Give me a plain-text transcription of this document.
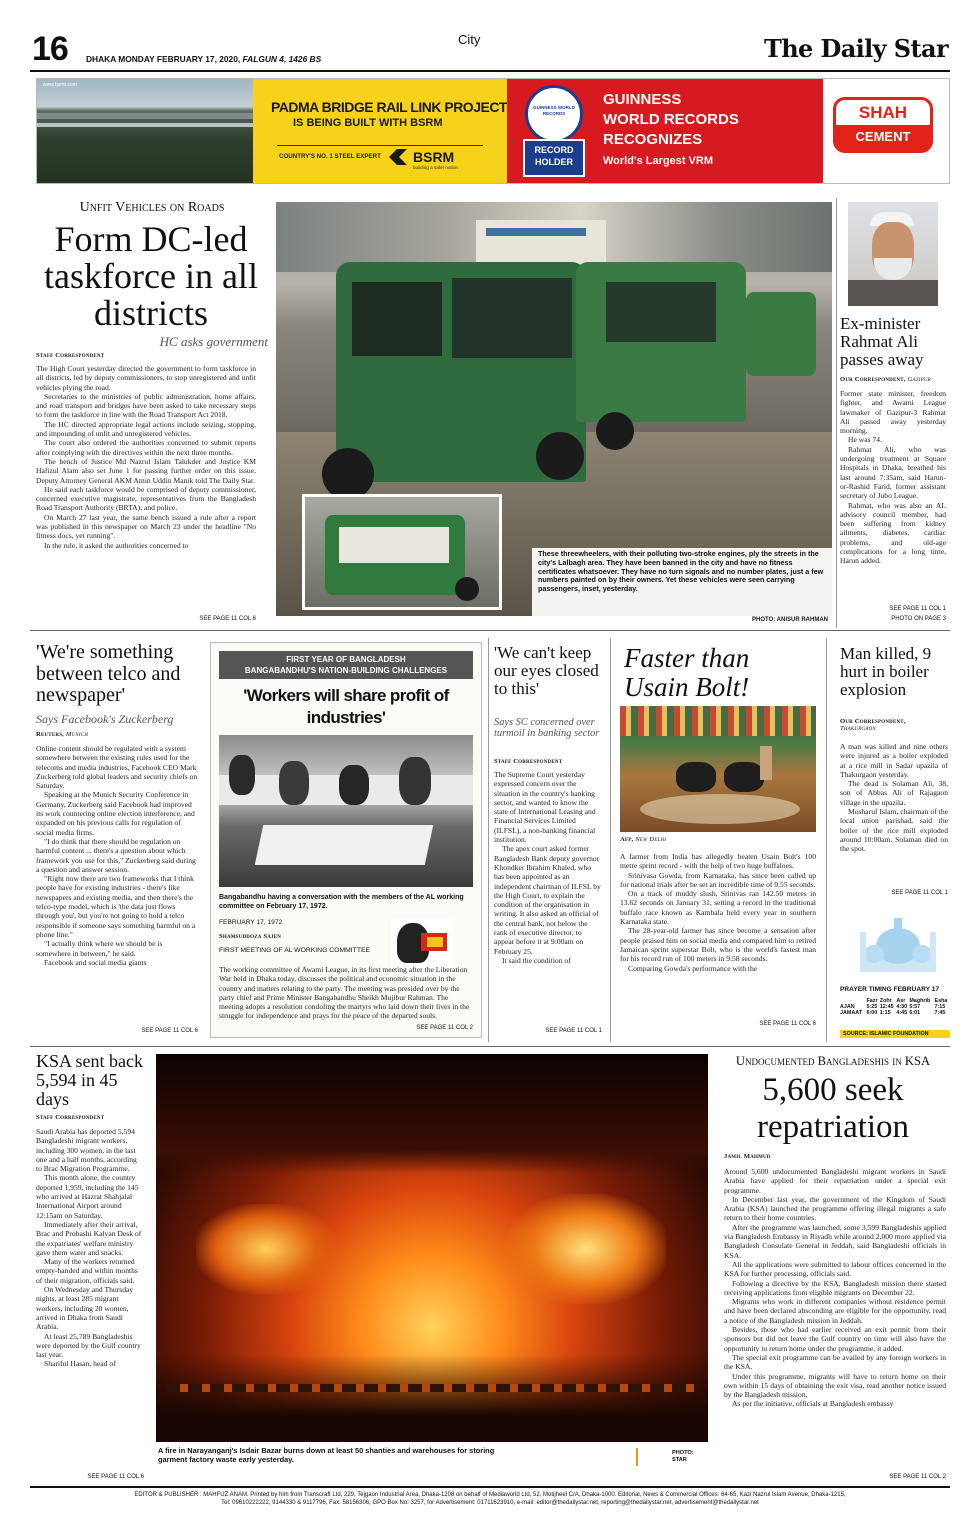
16 DHAKA MONDAY FEBRUARY 17, 2020, FALGUN 4, 1426 BS
City	The Daily Star
www.bsrm.com
PADMA BRIDGE RAIL LINK PROJECT
IS BEING BUILT WITH BSRM
COUNTRY'S NO. 1 STEEL EXPERT BSRM
building a safer nation
GUINNESS WORLD RECORDS
RECORD
HOLDER
GUINNESS
WORLD RECORDS
RECOGNIZES
World's Largest VRM
SHAH
CEMENT
Unfit Vehicles on Roads
Form DC-led taskforce in all districts
HC asks government
Staff Correspondent

The High Court yesterday directed the government to form taskforce in all districts, led by deputy commissioners, to stop unregistered and unfit vehicles plying the road.

Secretaries to the ministries of public administration, home affairs, and road transport and bridges have been asked to take necessary steps to form the taskforce in line with the Road Transport Act 2018.

The HC directed appropriate legal actions include seizing, stopping, and impounding of unfit and unregistered vehicles.

The court also ordered the authorities concerned to submit reports after complying with the directives within the next three months.

The bench of Justice Md Nazrul Islam Talukder and Justice KM Hafizul Alam also set June 1 for passing further order on this issue, Deputy Attorney General AKM Amin Uddin Manik told The Daily Star.

He said each taskforce would be comprised of deputy commissioner, concerned executive magistrate, representatives from the Bangladesh Road Transport Authority (BRTA), and police.

On March 27 last year, the same bench issued a rule after a report was published in this newspaper on March 23 under the headline "No fitness docs, yet running".

In the rule, it asked the authorities concerned to

SEE PAGE 11 COL 6
These threewheelers, with their polluting two-stroke engines, ply the streets in the city's Lalbagh area. They have been banned in the city and have no fitness certificates whatsoever. They have no turn signals and no number plates, just a few numbers painted on by their owners. Yet these vehicles were seen carrying passengers, inset, yesterday.
PHOTO: ANISUR RAHMAN
Ex-minister Rahmat Ali passes away
Our Correspondent, Gazipur

Former state minister, freedom fighter, and Awami League lawmaker of Gazipur-3 Rahmat Ali passed away yesterday morning.

He was 74.

Rahmat Ali, who was undergoing treatment at Square Hospitals in Dhaka, breathed his last around 7:35am, said Harun-or-Rashid Farid, former assistant secretary of Jubo League.

Rahmat, who was also an AL advisory council member, had been suffering from kidney ailments, diabetes, cardiac problems, and old-age complications for a long time, Harun added.

SEE PAGE 11 COL 1
PHOTO ON PAGE 3
'We're something between telco and newspaper'
Says Facebook's Zuckerberg
Reuters, Munich

Online content should be regulated with a system somewhere between the existing rules used for the telecoms and media industries, Facebook CEO Mark Zuckerberg told global leaders and security chiefs on Saturday.

Speaking at the Munich Security Conference in Germany, Zuckerberg said Facebook had improved its work countering online election interference, and expanded on his previous calls for regulation of social media firms.

"I do think that there should be regulation on harmful content ... there's a question about which framework you use for this," Zuckerberg said during a question and answer session.

"Right now there are two frameworks that I think people have for existing industries - there's like newspapers and existing media, and then there's the telco-type model, which is 'the data just flows through you', but you're not going to hold a telco responsible if someone says something harmful on a phone line."

"I actually think where we should be is somewhere in between," he said.

Facebook and social media giants

SEE PAGE 11 COL 6
FIRST YEAR OF BANGLADESH
BANGABANDHU'S NATION-BUILDING CHALLENGES
'Workers will share profit of industries'
Bangabandhu having a conversation with the members of the AL working committee on February 17, 1972.
FEBRUARY 17, 1972
Shamsuddoza Sajen
FIRST MEETING OF AL WORKING COMMITTEE

The working committee of Awami League, in its first meeting after the Liberation War held in Dhaka today, discusses the political and economic situation in the country and matters relating to the party. The meeting was presided over by the party chief and Prime Minister Bangabandhu Sheikh Mujibur Rahman. The meeting adopts a resolution condoling the martyrs who laid down their lives in the struggle for independence and prays for the peace of the departed souls.

SEE PAGE 11 COL 2
'We can't keep our eyes closed to this'
Says SC concerned over turmoil in banking sector
Staff Correspondent

The Supreme Court yesterday expressed concern over the situation in the country's banking sector, and wanted to know the state of International Leasing and Financial Services Limited (ILFSL), a non-banking financial institution.

The apex court asked former Bangladesh Bank deputy governor Khondker Ibrahim Khaled, who has been appointed as an independent chairman of ILFSL by the High Court, to explain the condition of the organisation in writing. It also asked an official of the central bank, not below the rank of executive director, to appear before it at 9:00am on February 25.

It said the condition of

SEE PAGE 11 COL 1
Faster than Usain Bolt!
Afp, New Delhi

A farmer from India has allegedly beaten Usain Bolt's 100 metre sprint record - with the help of two huge buffaloes.

Srinivasa Gowda, from Karnataka, has since been called up for national trials after he set an incredible time of 9.55 seconds.

On a track of muddy slush, Srinivas ran 142.50 metres in 13.62 seconds on January 31, setting a record in the traditional buffalo race known as Kambala held every year in southern Karnataka state.

The 28-year-old farmer has since become a sensation after people praised him on social media and compared him to retired Jamaican sprint superstar Bolt, who is the world's fastest man for his record run of 100 meters in 9.58 seconds.

Comparing Gowda's performance with the

SEE PAGE 11 COL 6
Man killed, 9 hurt in boiler explosion
Our Correspondent,
Thakurgaon

A man was killed and nine others were injured as a boiler exploded at a rice mill in Sadar upazila of Thakurgaon yesterday.

The dead is Solaman Ali, 38, son of Abbas Ali of Rajagaon village in the upazila.

Mosharuf Islam, chairman of the local union parishad, said the boiler of the rice mill exploded around 10:00am. Solaman died on the spot.

SEE PAGE 11 COL 1
PRAYER TIMING FEBRUARY 17
	Fazr	Zohr	Asr	Maghrib	Esha
AJAN	5:25	12:45	4:30	5:57	7:15
JAMAAT	6:00	1:15	4:45	6:01	7:45
SOURCE: ISLAMIC FOUNDATION
KSA sent back 5,594 in 45 days
Staff Correspondent

Saudi Arabia has deported 5,594 Bangladeshi migrant workers, including 300 women, in the last one and a half months, according to Brac Migration Programme.

This month alone, the country deported 1,959, including the 145 who arrived at Hazrat Shahjalal International Airport around 12:15am on Saturday.

Immediately after their arrival, Brac and Probashi Kalyan Desk of the expatriates' welfare ministry gave them water and snacks.

Many of the workers returned empty-handed and within months of their migration, officials said.

On Wednesday and Thursday nights, at least 285 migrant workers, including 20 women, arrived in Dhaka from Saudi Arabia.

At least 25,789 Bangladeshis were deported by the Gulf country last year.

Shariful Hasan, head of

SEE PAGE 11 COL 6
A fire in Narayanganj's Isdair Bazar burns down at least 50 shanties and warehouses for storing garment factory waste early yesterday.
PHOTO:
STAR
Undocumented Bangladeshis in KSA
5,600 seek repatriation
Jamil Mahmud

Around 5,600 undocumented Bangladeshi migrant workers in Saudi Arabia have applied for their repatriation under a special exit programme.

In December last year, the government of the Kingdom of Saudi Arabia (KSA) launched the programme offering illegal migrants a safe return to their home countries.

After the programme was launched, some 3,599 Bangladeshis applied via Bangladesh Embassy in Riyadh while around 2,000 more applied via Bangladesh Consulate General in Jeddah, said Bangladeshi officials in KSA.

All the applications were submitted to labour offices concerned in the KSA for further processing, officials said.

Following a directive by the KSA, Bangladesh mission there started receiving applications from eligible migrants on December 22.

Migrants who work in different companies without residence permit and have been declared absconding are eligible for the opportunity, read a notice of the Bangladesh mission in Jeddah.

Besides, those who had earlier received an exit permit from their sponsors but did not leave the Gulf country on time will also have the opportunity to return home under the programme, it added.

The special exit programme can be availed by any foreign workers in the KSA.

Under this programme, migrants will have to return home on their own within 15 days of obtaining the exit visa, read another notice issued by the Bangladesh mission.

As per the initiative, officials at Bangladesh embassy

SEE PAGE 11 COL 2
EDITOR & PUBLISHER : MAHFUZ ANAM. Printed by him from Transcraft Ltd, 229, Tejgaon Industrial Area, Dhaka-1208 on behalf of Mediaworld Ltd, 52, Motijheel C/A, Dhaka-1000. Editorial, News & Commercial Offices: 64-65, Kazi Nazrul Islam Avenue, Dhaka-1215,
Tel: 09610222222, 9144330 & 9117796, Fax: 58156306, GPO Box No: 3257, for Advertisement: 01711623910, e-mail: editor@thedailystar.net, reporting@thedailystar.net, advertisement@thedailystar.net
